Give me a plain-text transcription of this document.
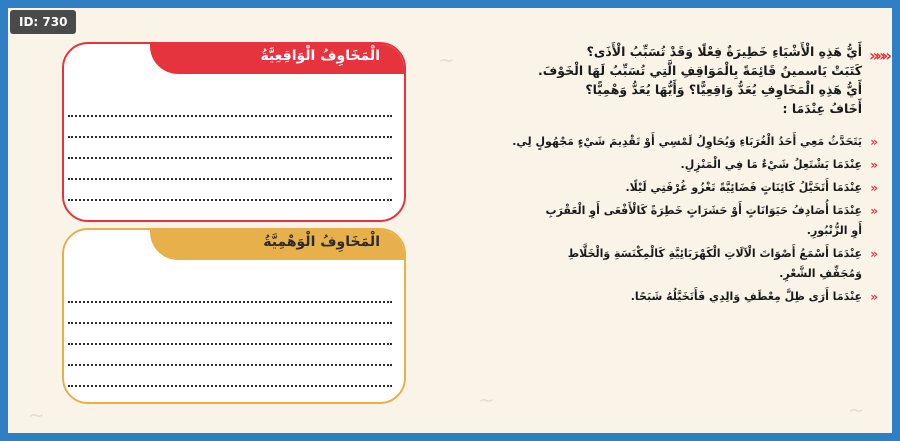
~
~
~	~
الْمَخَاوِفُ الْوَاقِعِيَّةُ
الْمَخَاوِفُ الْوَهْمِيَّةُ
«««
أَيُّ هَذِهِ الْأَشْيَاءِ خَطِيرَةٌ فِعْلًا وَقَدْ تُسَبِّبُ الْأَذَى؟
كَتَبَتْ يَاسمينُ قَائِمَةً بِالْمَوَاقِفِ الَّتِي تُسَبِّبُ لَهَا الْخَوْفَ.
أَيُّ هَذِهِ الْمَخَاوِفِ يُعَدُّ وَاقِعِيًّا؟ وَأَيُّهَا يُعَدُّ وَهْمِيًّا؟
أَخَافُ عِنْدَمَا :
«
يَتَحَدَّثُ مَعِي أَحَدُ الْغُرَبَاءِ وَيُحَاوِلُ لَمْسِي أَوْ تَقْدِيمَ شَيْءٍ مَجْهُولٍ لِي.
«
عِنْدَمَا يَشْتَعِلُ شَيْءٌ مَا فِي الْمَنْزِلِ.
«
عِنْدَمَا أَتَخَيَّلُ كَائِنَاتٍ فَضَائِيَّةً تَغْزُو غُرْفَتِي لَيْلًا.
«
عِنْدَمَا أُصَادِفُ حَيَوَانَاتٍ أَوْ حَشَرَاتٍ خَطِرَةً كَالْأَفْعَى أَوِ الْعَقْرَبِ
أَوِ الزُّنْبُورِ.
«
عِنْدَمَا أَسْمَعُ أَصْوَاتَ الْآلَاتِ الْكَهْرَبَائِيَّةِ كَالْمِكْنَسَةِ وَالْخَلَّاطِ
وَمُجَفِّفِ الشَّعْرِ.
«
عِنْدَمَا أَرَى ظِلَّ مِعْطَفِ وَالِدِي فَأَتَخَيَّلُهُ شَبَحًا.
ID: 730
